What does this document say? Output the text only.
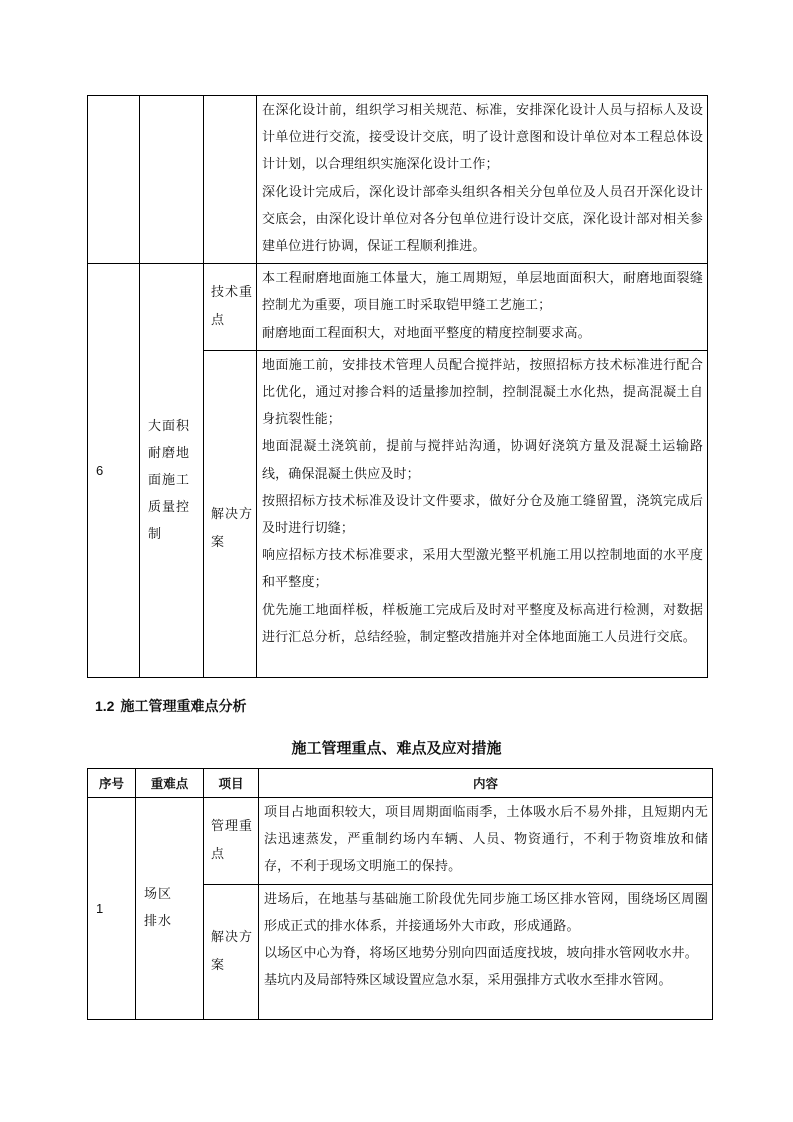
			在深化设计前，组织学习相关规范、标准，安排深化设计人员与招标人及设计单位进行交流，接受设计交底，明了设计意图和设计单位对本工程总体设计计划，以合理组织实施深化设计工作；

深化设计完成后，深化设计部牵头组织各相关分包单位及人员召开深化设计交底会，由深化设计单位对各分包单位进行设计交底，深化设计部对相关参建单位进行协调，保证工程顺利推进。

6	大面积耐磨地面施工质量控制	技术重点	本工程耐磨地面施工体量大，施工周期短，单层地面面积大，耐磨地面裂缝控制尤为重要，项目施工时采取铠甲缝工艺施工；

耐磨地面工程面积大，对地面平整度的精度控制要求高。

		解决方案	地面施工前，安排技术管理人员配合搅拌站，按照招标方技术标准进行配合比优化，通过对掺合料的适量掺加控制，控制混凝土水化热，提高混凝土自身抗裂性能；

地面混凝土浇筑前，提前与搅拌站沟通，协调好浇筑方量及混凝土运输路线，确保混凝土供应及时；

按照招标方技术标准及设计文件要求，做好分仓及施工缝留置，浇筑完成后及时进行切缝；

响应招标方技术标准要求，采用大型激光整平机施工用以控制地面的水平度和平整度；

优先施工地面样板，样板施工完成后及时对平整度及标高进行检测，对数据进行汇总分析，总结经验，制定整改措施并对全体地面施工人员进行交底。

1.2 施工管理重难点分析
施工管理重点、难点及应对措施
序号	重难点	项目	内容
1	场区排水	管理重点	项目占地面积较大，项目周期面临雨季，土体吸水后不易外排，且短期内无法迅速蒸发，严重制约场内车辆、人员、物资通行，不利于物资堆放和储存，不利于现场文明施工的保持。

		解决方案	进场后，在地基与基础施工阶段优先同步施工场区排水管网，围绕场区周圈形成正式的排水体系，并接通场外大市政，形成通路。

以场区中心为脊，将场区地势分别向四面适度找坡，坡向排水管网收水井。

基坑内及局部特殊区域设置应急水泵，采用强排方式收水至排水管网。
